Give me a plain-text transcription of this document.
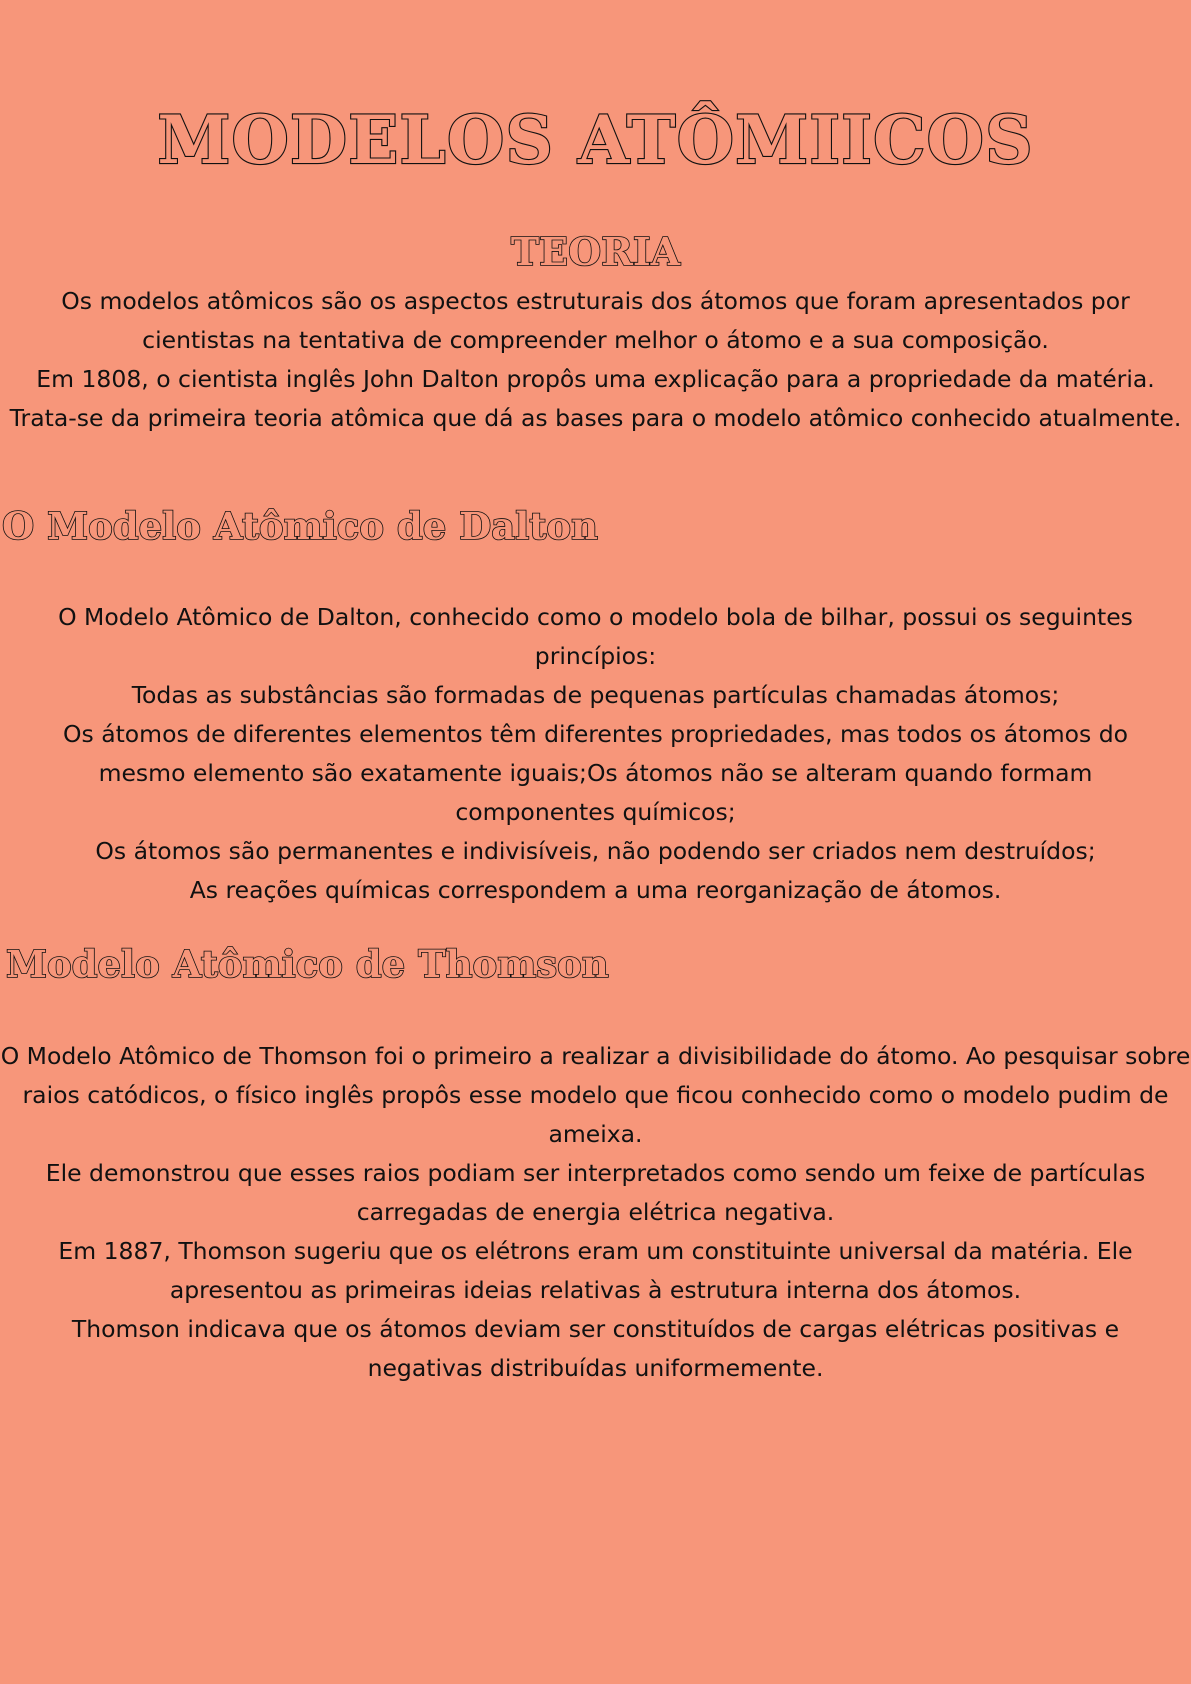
MODELOS ATÔMIICOS
TEORIA

Os modelos atômicos são os aspectos estruturais dos átomos que foram apresentados por cientistas na tentativa de compreender melhor o átomo e a sua composição.

Em 1808, o cientista inglês John Dalton propôs uma explicação para a propriedade da matéria. Trata-se da primeira teoria atômica que dá as bases para o modelo atômico conhecido atualmente.

O Modelo Atômico de Dalton

O Modelo Atômico de Dalton, conhecido como o modelo bola de bilhar, possui os seguintes princípios:

Todas as substâncias são formadas de pequenas partículas chamadas átomos;

Os átomos de diferentes elementos têm diferentes propriedades, mas todos os átomos do mesmo elemento são exatamente iguais;Os átomos não se alteram quando formam componentes químicos;

Os átomos são permanentes e indivisíveis, não podendo ser criados nem destruídos;

As reações químicas correspondem a uma reorganização de átomos.

Modelo Atômico de Thomson

O Modelo Atômico de Thomson foi o primeiro a realizar a divisibilidade do átomo. Ao pesquisar sobre raios catódicos, o físico inglês propôs esse modelo que ficou conhecido como o modelo pudim de ameixa.

Ele demonstrou que esses raios podiam ser interpretados como sendo um feixe de partículas carregadas de energia elétrica negativa.

Em 1887, Thomson sugeriu que os elétrons eram um constituinte universal da matéria. Ele apresentou as primeiras ideias relativas à estrutura interna dos átomos.

Thomson indicava que os átomos deviam ser constituídos de cargas elétricas positivas e negativas distribuídas uniformemente.
